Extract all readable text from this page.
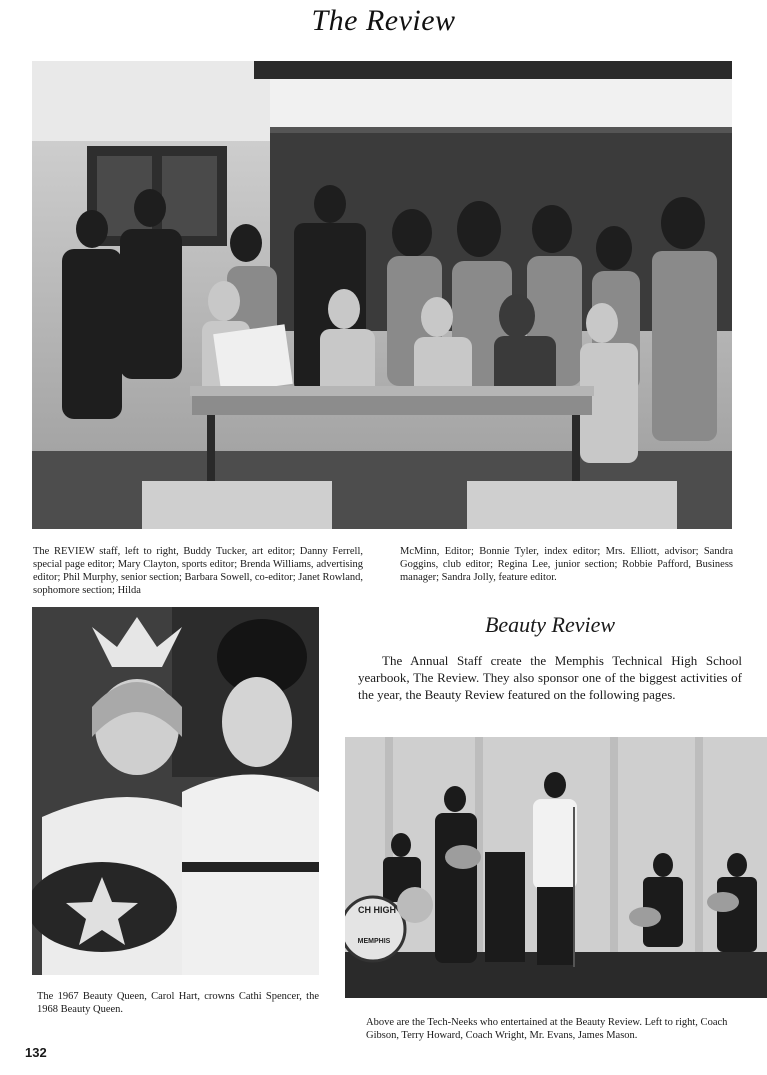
The Review
The REVIEW staff, left to right, Buddy Tucker, art editor; Danny Ferrell, special page editor; Mary Clayton, sports editor; Brenda Williams, advertising editor; Phil Murphy, senior section; Barbara Sowell, co-editor; Janet Rowland, sophomore section; Hilda
McMinn, Editor; Bonnie Tyler, index editor; Mrs. Elliott, advisor; Sandra Goggins, club editor; Regina Lee, junior section; Robbie Pafford, Business manager; Sandra Jolly, feature editor.
Beauty Review
The Annual Staff create the Memphis Technical High School yearbook, The Review. They also sponsor one of the biggest activities of the year, the Beauty Review featured on the following pages.
The 1967 Beauty Queen, Carol Hart, crowns Cathi Spencer, the 1968 Beauty Queen.
CH HIGH
MEMPHIS
Above are the Tech-Neeks who entertained at the Beauty Review. Left to right, Coach Gibson, Terry Howard, Coach Wright, Mr. Evans, James Mason.
132
